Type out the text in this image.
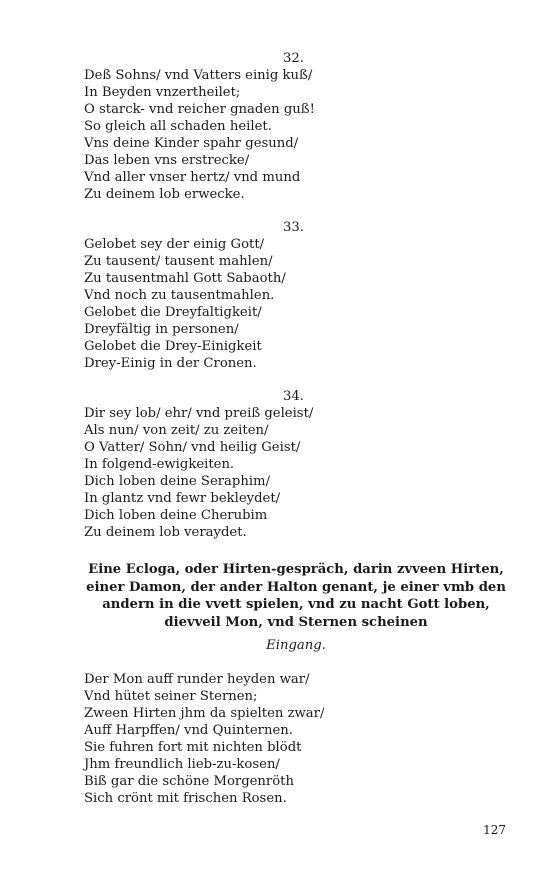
32.
Deß Sohns/ vnd Vatters einig kuß/
In Beyden vnzertheilet;
O starck- vnd reicher gnaden guß!
So gleich all schaden heilet.
Vns deine Kinder spahr gesund/
Das leben vns erstrecke/
Vnd aller vnser hertz/ vnd mund
Zu deinem lob erwecke.
33.
Gelobet sey der einig Gott/
Zu tausent/ tausent mahlen/
Zu tausentmahl Gott Sabaoth/
Vnd noch zu tausentmahlen.
Gelobet die Dreyfaltigkeit/
Dreyfältig in personen/
Gelobet die Drey-Einigkeit
Drey-Einig in der Cronen.
34.
Dir sey lob/ ehr/ vnd preiß geleist/
Als nun/ von zeit/ zu zeiten/
O Vatter/ Sohn/ vnd heilig Geist/
In folgend-ewigkeiten.
Dich loben deine Seraphim/
In glantz vnd fewr bekleydet/
Dich loben deine Cherubim
Zu deinem lob veraydet.
Eine Ecloga, oder Hirten-gespräch, darin zvveen Hirten, einer Damon, der ander Halton genant, je einer vmb den andern in die vvett spielen, vnd zu nacht Gott loben, dievveil Mon, vnd Sternen scheinen
Eingang.
Der Mon auff runder heyden war/
Vnd hütet seiner Sternen;
Zween Hirten jhm da spielten zwar/
Auff Harpffen/ vnd Quinternen.
Sie fuhren fort mit nichten blödt
Jhm freundlich lieb-zu-kosen/
Biß gar die schöne Morgenröth
Sich crönt mit frischen Rosen.
127
